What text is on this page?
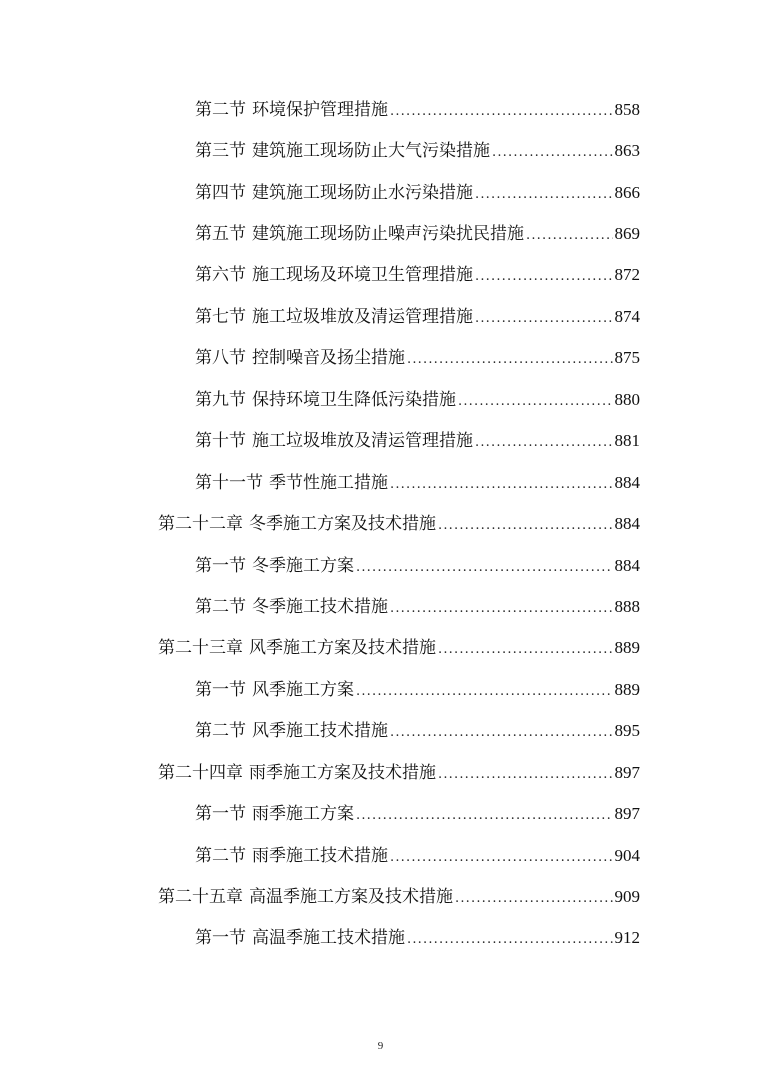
第二节 环境保护管理措施 .....	858
第三节 建筑施工现场防止大气污染措施 .....	863
第四节 建筑施工现场防止水污染措施 .....	866
第五节 建筑施工现场防止噪声污染扰民措施 .....	869
第六节 施工现场及环境卫生管理措施 .....	872
第七节 施工垃圾堆放及清运管理措施 .....	874
第八节 控制噪音及扬尘措施 .....	875
第九节 保持环境卫生降低污染措施 .....	880
第十节 施工垃圾堆放及清运管理措施 .....	881
第十一节 季节性施工措施 .....	884
第二十二章 冬季施工方案及技术措施 .....	884
第一节 冬季施工方案 .....	884
第二节 冬季施工技术措施 .....	888
第二十三章 风季施工方案及技术措施 .....	889
第一节 风季施工方案 .....	889
第二节 风季施工技术措施 .....	895
第二十四章 雨季施工方案及技术措施 .....	897
第一节 雨季施工方案 .....	897
第二节 雨季施工技术措施 .....	904
第二十五章 高温季施工方案及技术措施 .....	909
第一节 高温季施工技术措施 .....	912
9
